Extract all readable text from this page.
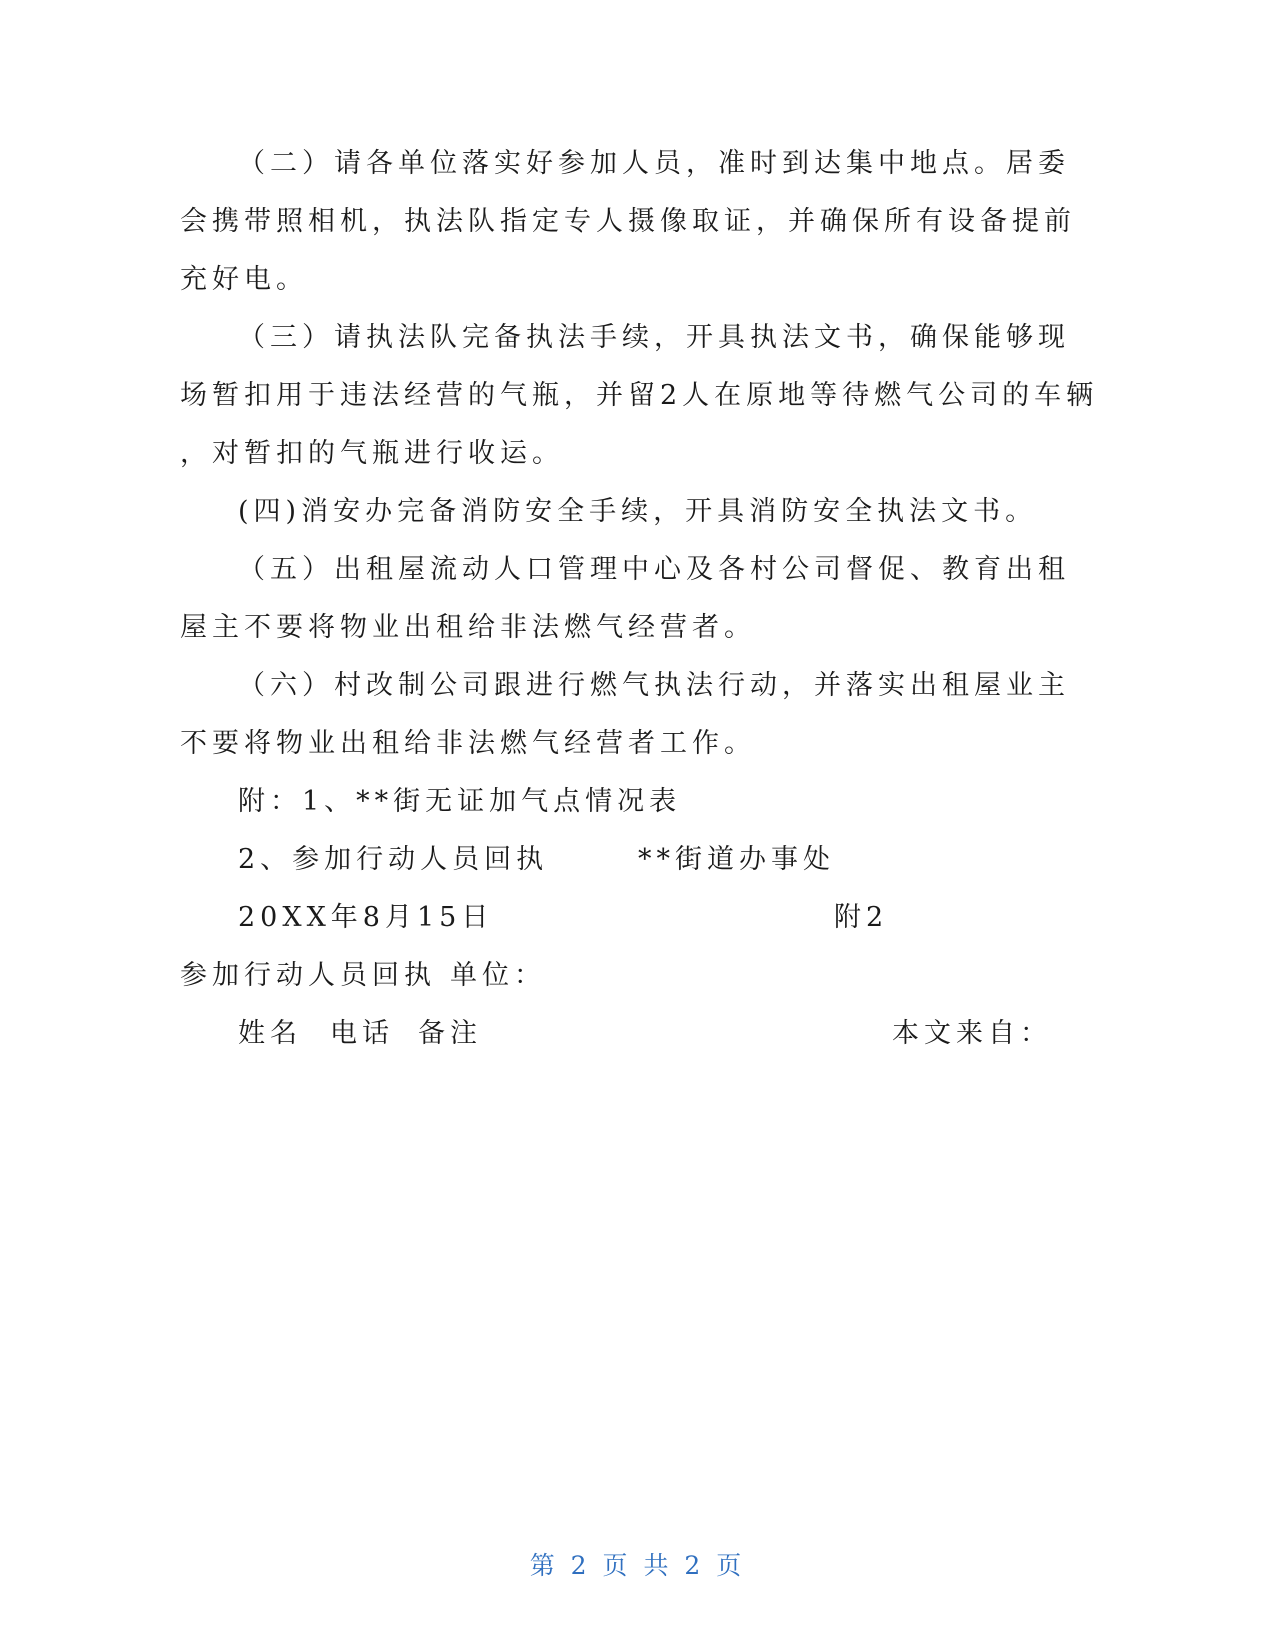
（二）请各单位落实好参加人员，准时到达集中地点。居委
会携带照相机，执法队指定专人摄像取证，并确保所有设备提前
充好电。
（三）请执法队完备执法手续，开具执法文书，确保能够现
场暂扣用于违法经营的气瓶，并留2人在原地等待燃气公司的车辆
，对暂扣的气瓶进行收运。
(四)消安办完备消防安全手续，开具消防安全执法文书。
（五）出租屋流动人口管理中心及各村公司督促、教育出租
屋主不要将物业出租给非法燃气经营者。
（六）村改制公司跟进行燃气执法行动，并落实出租屋业主
不要将物业出租给非法燃气经营者工作。
附：1、**街无证加气点情况表
2、参加行动人员回执	**街道办事处
20XX年8月15日	附2
参加行动人员回执 单位：
姓名 电话 备注	本文来自：
第 2 页 共 2 页
